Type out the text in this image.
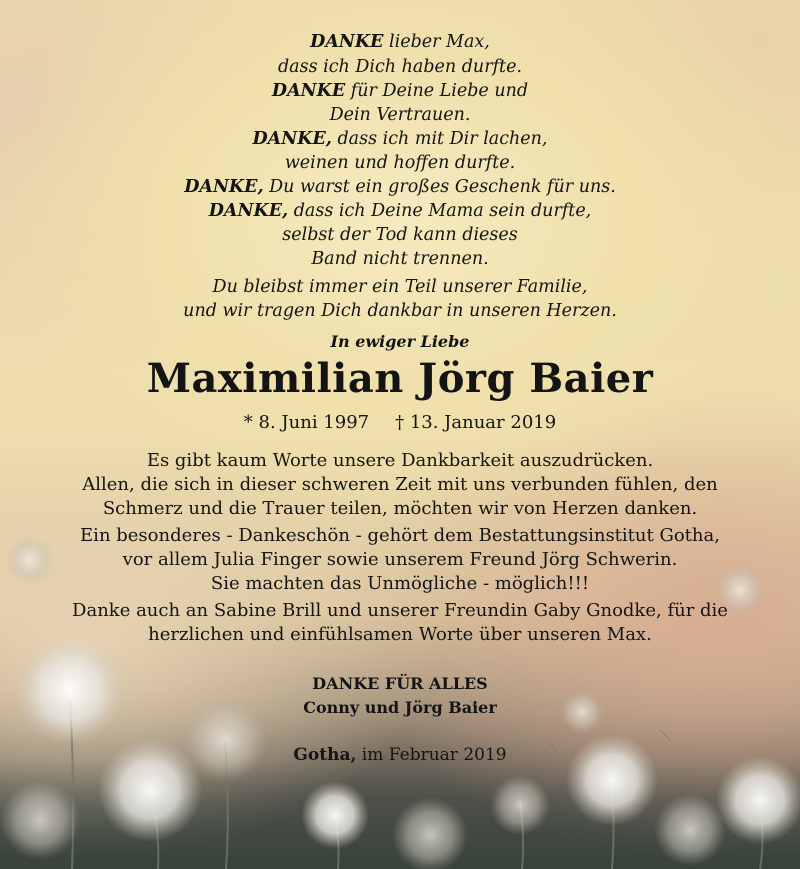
DANKE lieber Max,
dass ich Dich haben durfte.
DANKE für Deine Liebe und
Dein Vertrauen.
DANKE, dass ich mit Dir lachen,
weinen und hoffen durfte.
DANKE, Du warst ein großes Geschenk für uns.
DANKE, dass ich Deine Mama sein durfte,
selbst der Tod kann dieses
Band nicht trennen.
Du bleibst immer ein Teil unserer Familie,
und wir tragen Dich dankbar in unseren Herzen.
In ewiger Liebe
Maximilian Jörg Baier
* 8. Juni 1997 † 13. Januar 2019
Es gibt kaum Worte unsere Dankbarkeit auszudrücken.
Allen, die sich in dieser schweren Zeit mit uns verbunden fühlen, den
Schmerz und die Trauer teilen, möchten wir von Herzen danken.
Ein besonderes - Dankeschön - gehört dem Bestattungsinstitut Gotha,
vor allem Julia Finger sowie unserem Freund Jörg Schwerin.
Sie machten das Unmögliche - möglich!!!
Danke auch an Sabine Brill und unserer Freundin Gaby Gnodke, für die
herzlichen und einfühlsamen Worte über unseren Max.
DANKE FÜR ALLES
Conny und Jörg Baier
Gotha, im Februar 2019
